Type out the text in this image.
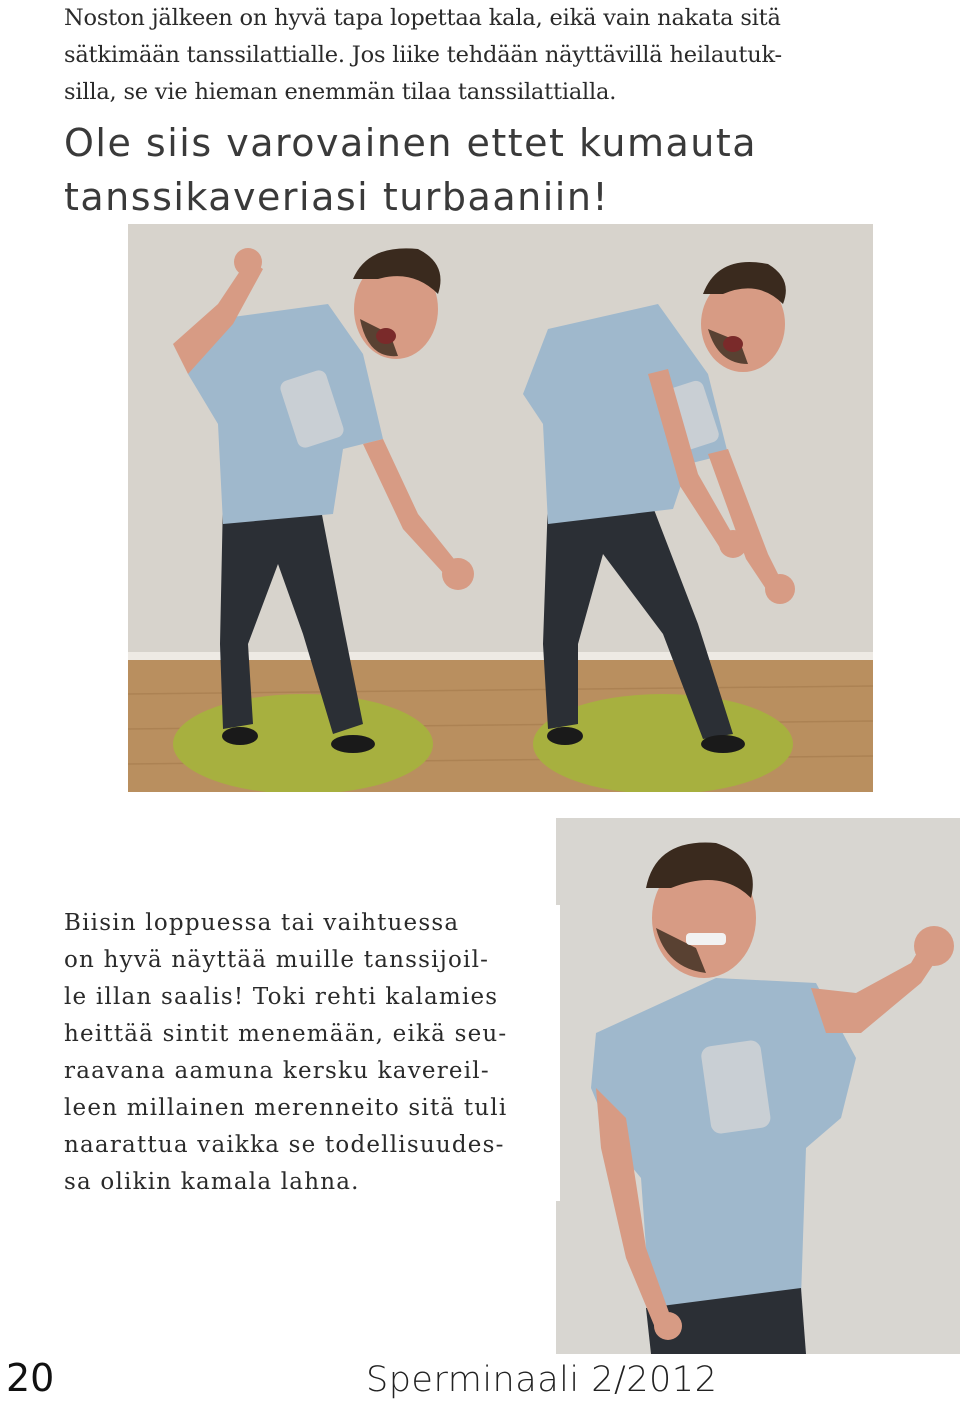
Noston jälkeen on hyvä tapa lopettaa kala, eikä vain nakata sitä

sätkimään tanssilattialle. Jos liike tehdään näyttävillä heilautuk-

silla, se vie hieman enemmän tilaa tanssilattialla.

Ole siis varovainen ettet kumauta
tanssikaveriasi turbaaniin!

Biisin loppuessa tai vaihtuessa

on hyvä näyttää muille tanssijoil-

le illan saalis! Toki rehti kalamies

heittää sintit menemään, eikä seu-

raavana aamuna kersku kavereil-

leen millainen merenneito sitä tuli

naarattua vaikka se todellisuudes-

sa olikin kamala lahna.

20	Sperminaali 2/2012
